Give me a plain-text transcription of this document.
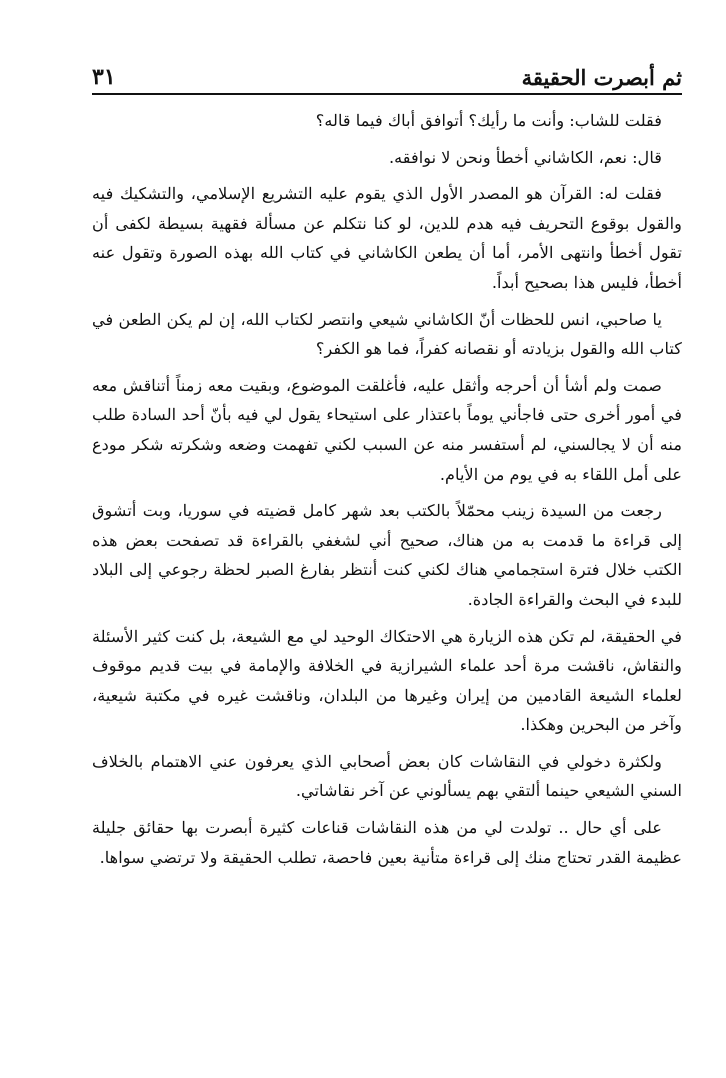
ثم أبصرت الحقيقة
٣١

فقلت للشاب: وأنت ما رأيك؟ أتوافق أباك فيما قاله؟

قال: نعم، الكاشاني أخطأ ونحن لا نوافقه.

فقلت له: القرآن هو المصدر الأول الذي يقوم عليه التشريع الإسلامي، والتشكيك فيه والقول بوقوع التحريف فيه هدم للدين، لو كنا نتكلم عن مسألة فقهية بسيطة لكفى أن تقول أخطأ وانتهى الأمر، أما أن يطعن الكاشاني في كتاب الله بهذه الصورة وتقول عنه أخطأ، فليس هذا بصحيح أبداً.

يا صاحبي، انس للحظات أنّ الكاشاني شيعي وانتصر لكتاب الله، إن لم يكن الطعن في كتاب الله والقول بزيادته أو نقصانه كفراً، فما هو الكفر؟

صمت ولم أشأ أن أحرجه وأثقل عليه، فأغلقت الموضوع، وبقيت معه زمناً أتناقش معه في أمور أخرى حتى فاجأني يوماً باعتذار على استيحاء يقول لي فيه بأنّ أحد السادة طلب منه أن لا يجالسني، لم أستفسر منه عن السبب لكني تفهمت وضعه وشكرته شكر مودع على أمل اللقاء به في يوم من الأيام.

رجعت من السيدة زينب محمّلاً بالكتب بعد شهر كامل قضيته في سوريا، وبت أتشوق إلى قراءة ما قدمت به من هناك، صحيح أني لشغفي بالقراءة قد تصفحت بعض هذه الكتب خلال فترة استجمامي هناك لكني كنت أنتظر بفارغ الصبر لحظة رجوعي إلى البلاد للبدء في البحث والقراءة الجادة.

في الحقيقة، لم تكن هذه الزيارة هي الاحتكاك الوحيد لي مع الشيعة، بل كنت كثير الأسئلة والنقاش، ناقشت مرة أحد علماء الشيرازية في الخلافة والإمامة في بيت قديم موقوف لعلماء الشيعة القادمين من إيران وغيرها من البلدان، وناقشت غيره في مكتبة شيعية، وآخر من البحرين وهكذا.

ولكثرة دخولي في النقاشات كان بعض أصحابي الذي يعرفون عني الاهتمام بالخلاف السني الشيعي حينما ألتقي بهم يسألوني عن آخر نقاشاتي.

على أي حال .. تولدت لي من هذه النقاشات قناعات كثيرة أبصرت بها حقائق جليلة عظيمة القدر تحتاج منك إلى قراءة متأنية بعين فاحصة، تطلب الحقيقة ولا ترتضي سواها.
